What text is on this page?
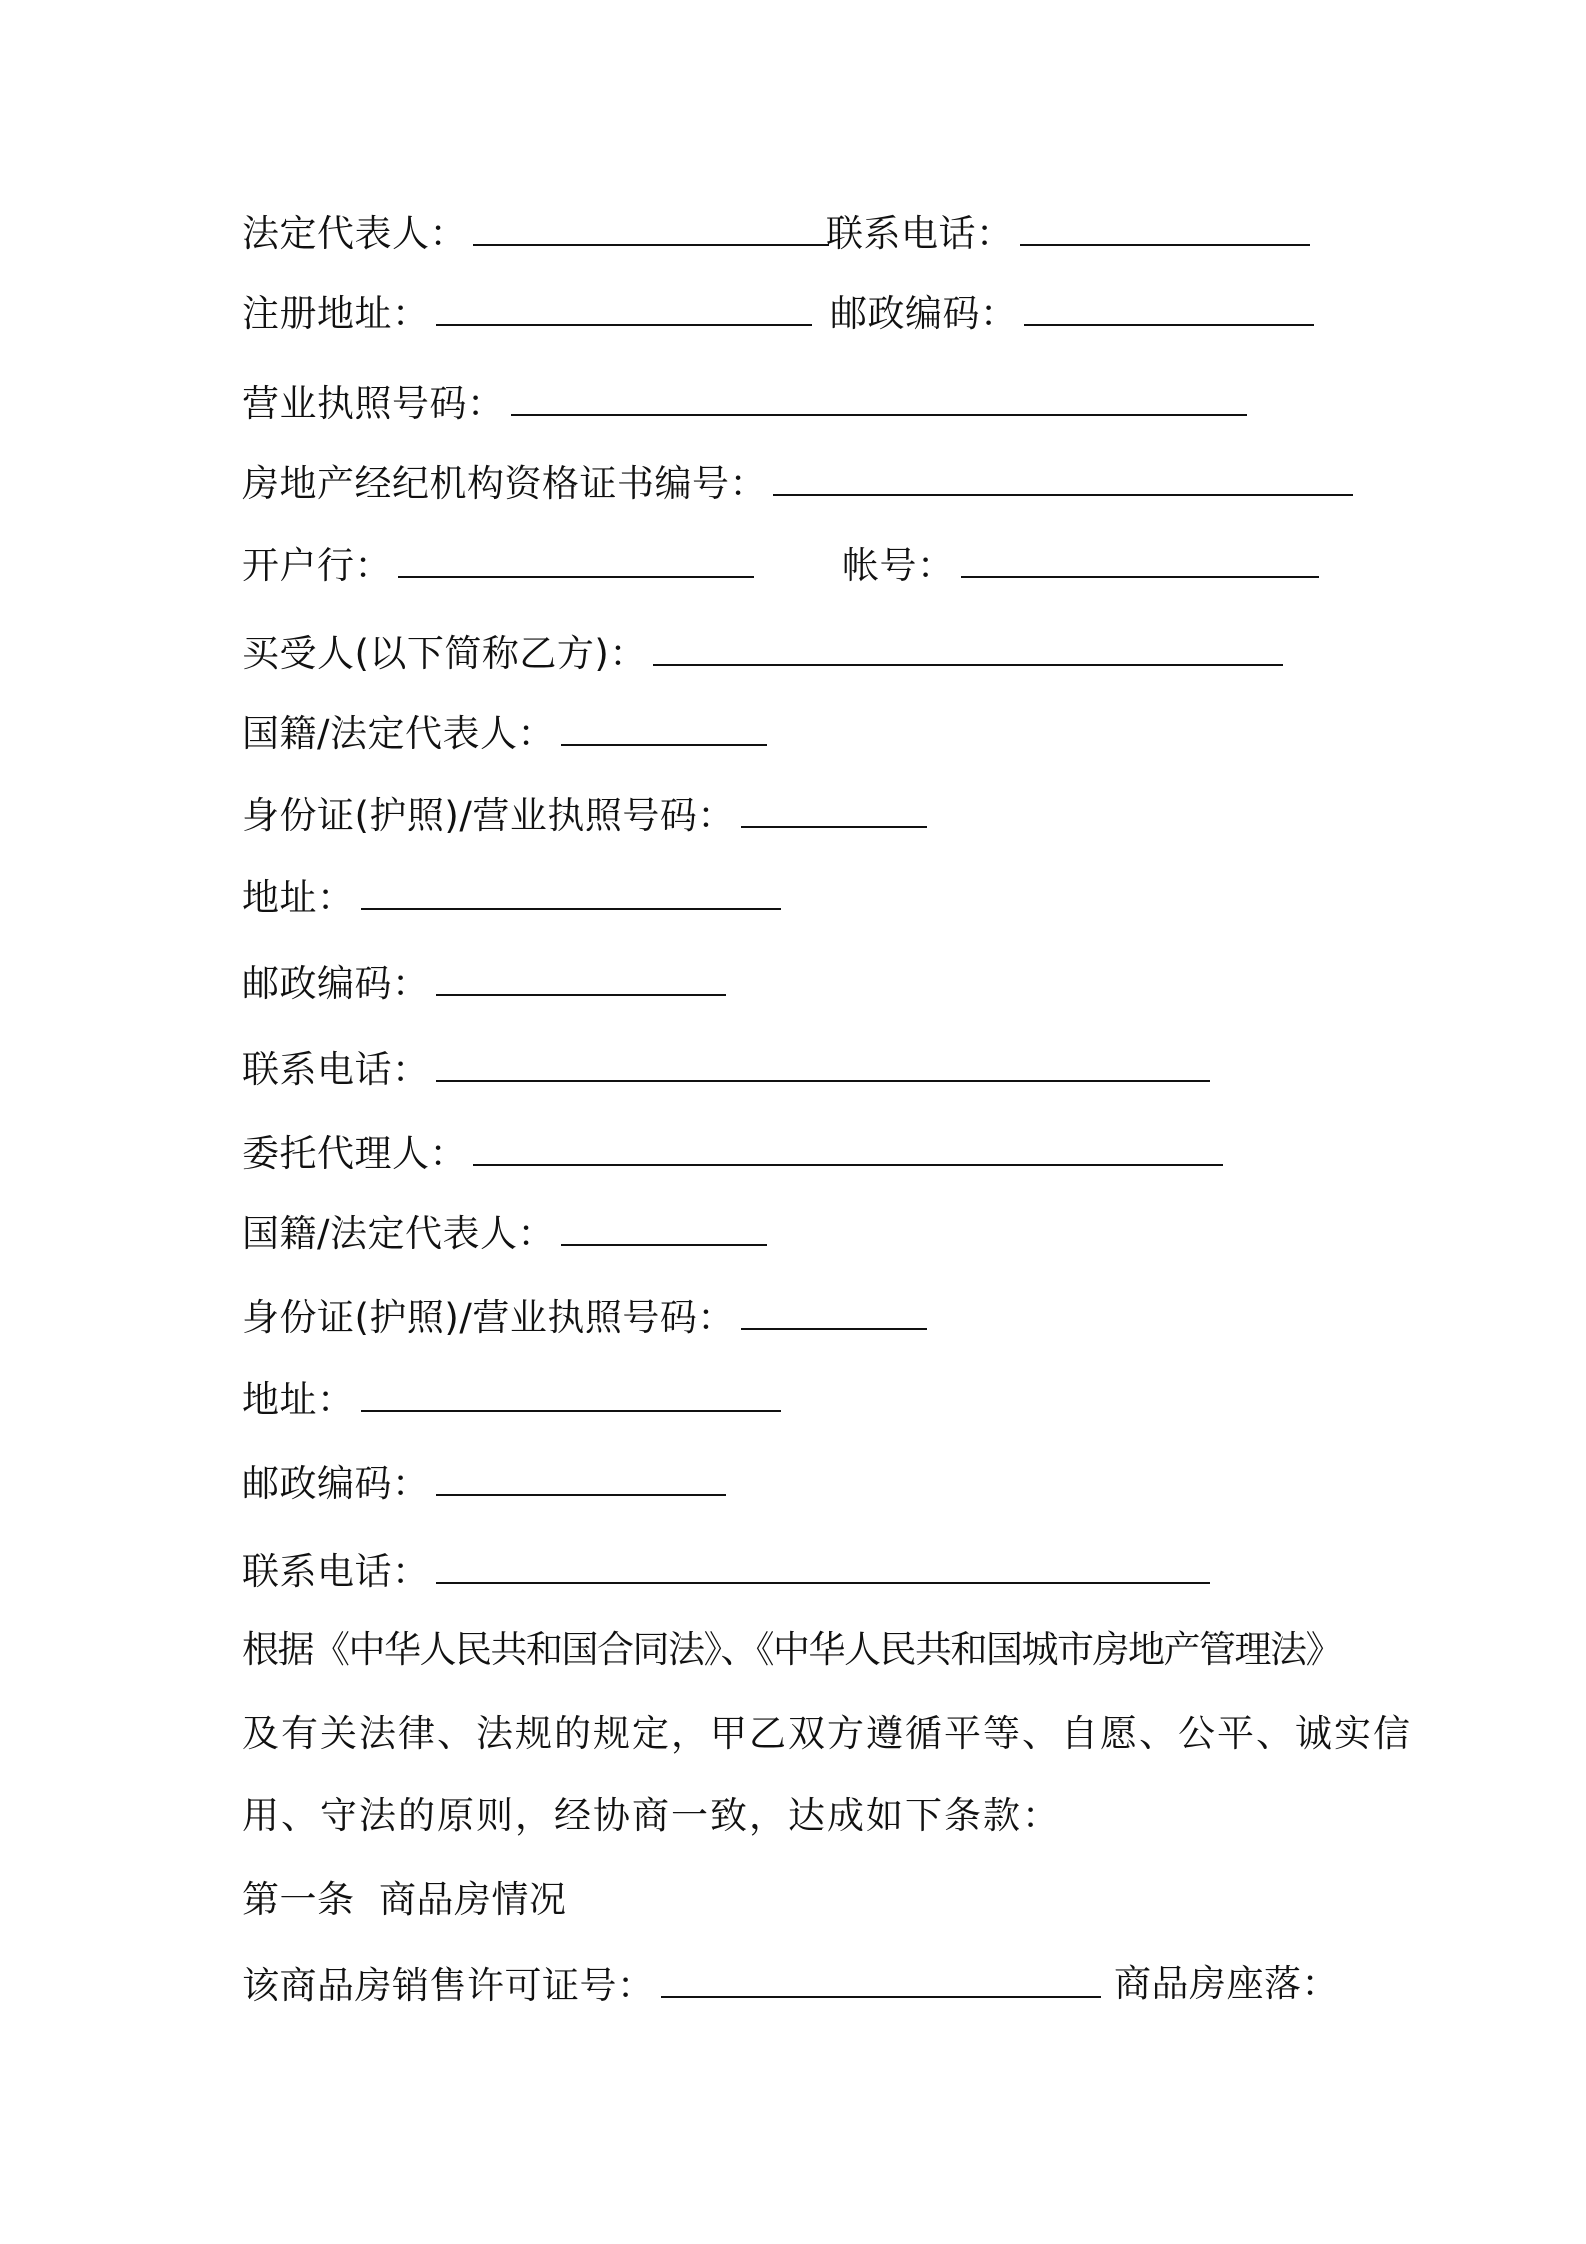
法定代表人：	联系电话：
注册地址：	邮政编码：
营业执照号码：
房地产经纪机构资格证书编号：
开户行：	帐号：
买受人(以下简称乙方)：
国籍/法定代表人：
身份证(护照)/营业执照号码：
地址：
邮政编码：
联系电话：
委托代理人：
国籍/法定代表人：
身份证(护照)/营业执照号码：
地址：
邮政编码：
联系电话：
根据《中华人民共和国合同法》、《中华人民共和国城市房地产管理法》
及有关法律、法规的规定，甲乙双方遵循平等、自愿、公平、诚实信
用、守法的原则，经协商一致，达成如下条款：
第一条  商品房情况
该商品房销售许可证号：	商品房座落：
